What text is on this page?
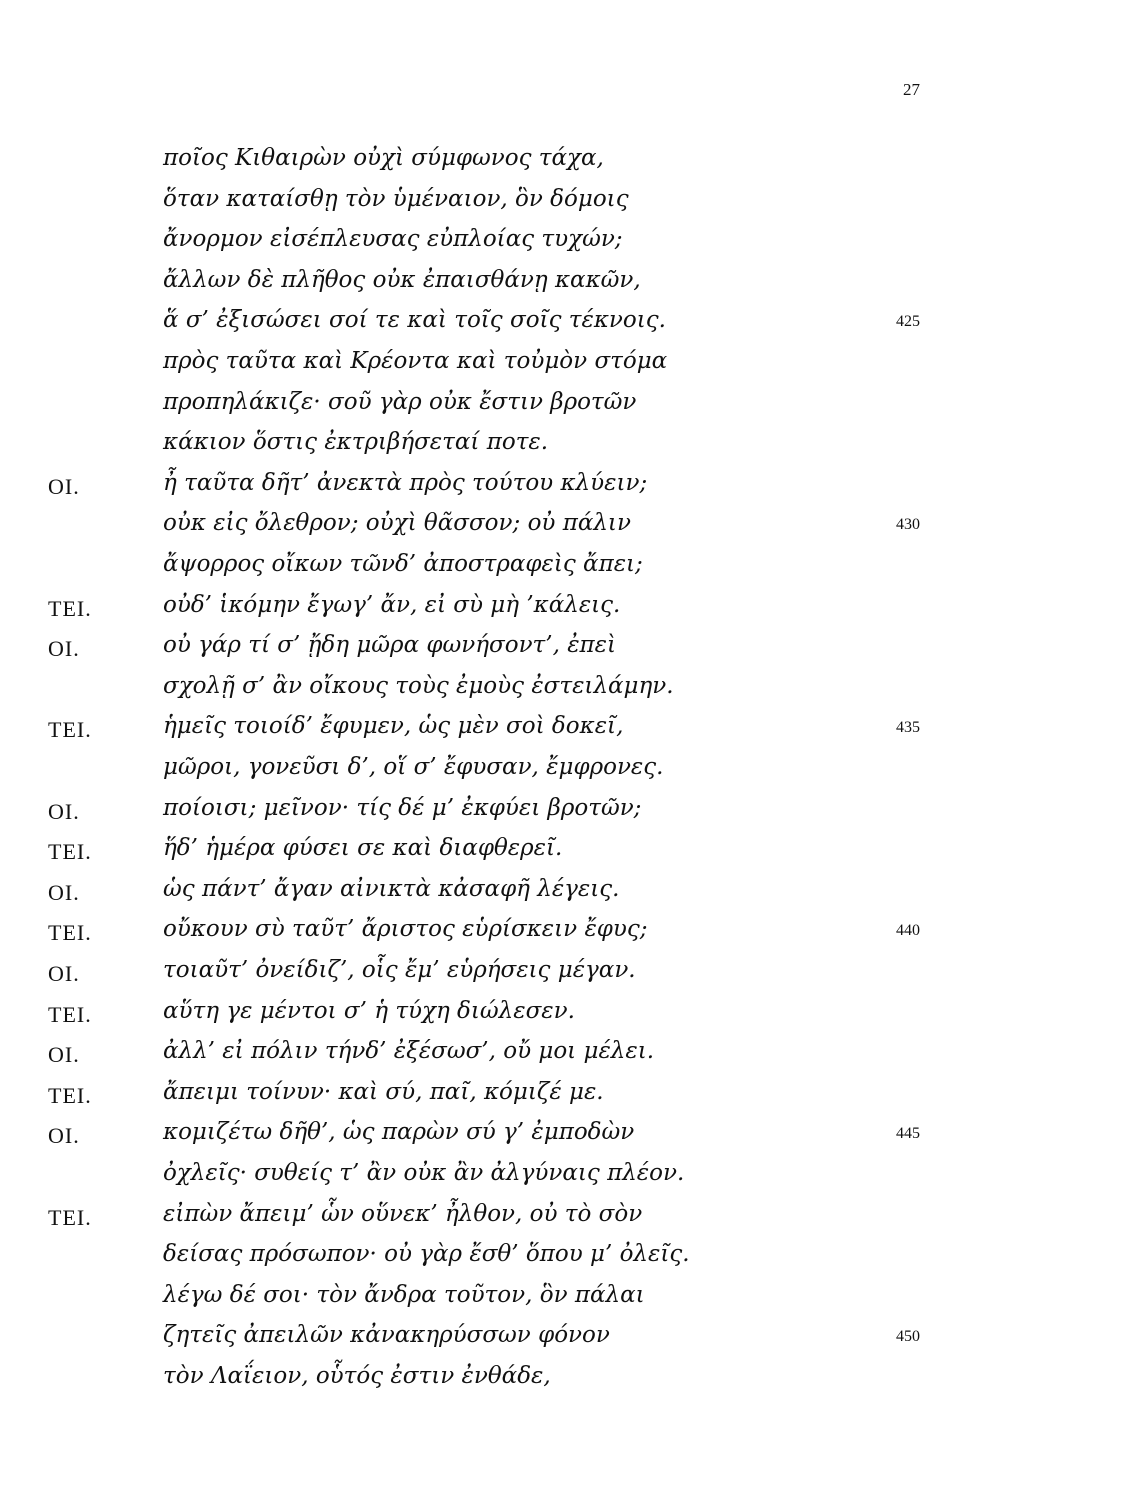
27
ποῖος Κιθαιρὼν οὐχὶ σύμφωνος τάχα,
ὅταν καταίσθῃ τὸν ὑμέναιον, ὃν δόμοις
ἄνορμον εἰσέπλευσας εὐπλοίας τυχών;
ἄλλων δὲ πλῆθος οὐκ ἐπαισθάνῃ κακῶν,
ἅ σ’ ἐξισώσει σοί τε καὶ τοῖς σοῖς τέκνοις.	425
πρὸς ταῦτα καὶ Κρέοντα καὶ τοὐμὸν στόμα
προπηλάκιζε· σοῦ γὰρ οὐκ ἔστιν βροτῶν
κάκιον ὅστις ἐκτριβήσεταί ποτε.
ΟΙ.	ἦ ταῦτα δῆτ’ ἀνεκτὰ πρὸς τούτου κλύειν;
οὐκ εἰς ὄλεθρον; οὐχὶ θᾶσσον; οὐ πάλιν	430
ἄψορρος οἴκων τῶνδ’ ἀποστραφεὶς ἄπει;
ΤΕΙ.	οὐδ’ ἱκόμην ἔγωγ’ ἄν, εἰ σὺ μὴ ’κάλεις.
ΟΙ.	οὐ γάρ τί σ’ ᾔδη μῶρα φωνήσοντ’, ἐπεὶ
σχολῇ σ’ ἂν οἴκους τοὺς ἐμοὺς ἐστειλάμην.
ΤΕΙ.	ἡμεῖς τοιοίδ’ ἔφυμεν, ὡς μὲν σοὶ δοκεῖ,	435
μῶροι, γονεῦσι δ’, οἵ σ’ ἔφυσαν, ἔμφρονες.
ΟΙ.	ποίοισι; μεῖνον· τίς δέ μ’ ἐκφύει βροτῶν;
ΤΕΙ.	ἥδ’ ἡμέρα φύσει σε καὶ διαφθερεῖ.
ΟΙ.	ὡς πάντ’ ἄγαν αἰνικτὰ κἀσαφῆ λέγεις.
ΤΕΙ.	οὔκουν σὺ ταῦτ’ ἄριστος εὑρίσκειν ἔφυς;	440
ΟΙ.	τοιαῦτ’ ὀνείδιζ’, οἷς ἔμ’ εὑρήσεις μέγαν.
ΤΕΙ.	αὕτη γε μέντοι σ’ ἡ τύχη διώλεσεν.
ΟΙ.	ἀλλ’ εἰ πόλιν τήνδ’ ἐξέσωσ’, οὔ μοι μέλει.
ΤΕΙ.	ἄπειμι τοίνυν· καὶ σύ, παῖ, κόμιζέ με.
ΟΙ.	κομιζέτω δῆθ’, ὡς παρὼν σύ γ’ ἐμποδὼν	445
ὀχλεῖς· συθείς τ’ ἂν οὐκ ἂν ἀλγύναις πλέον.
ΤΕΙ.	εἰπὼν ἄπειμ’ ὧν οὕνεκ’ ἦλθον, οὐ τὸ σὸν
δείσας πρόσωπον· οὐ γὰρ ἔσθ’ ὅπου μ’ ὀλεῖς.
λέγω δέ σοι· τὸν ἄνδρα τοῦτον, ὃν πάλαι
ζητεῖς ἀπειλῶν κἀνακηρύσσων φόνον	450
τὸν Λαΐειον, οὗτός ἐστιν ἐνθάδε,
